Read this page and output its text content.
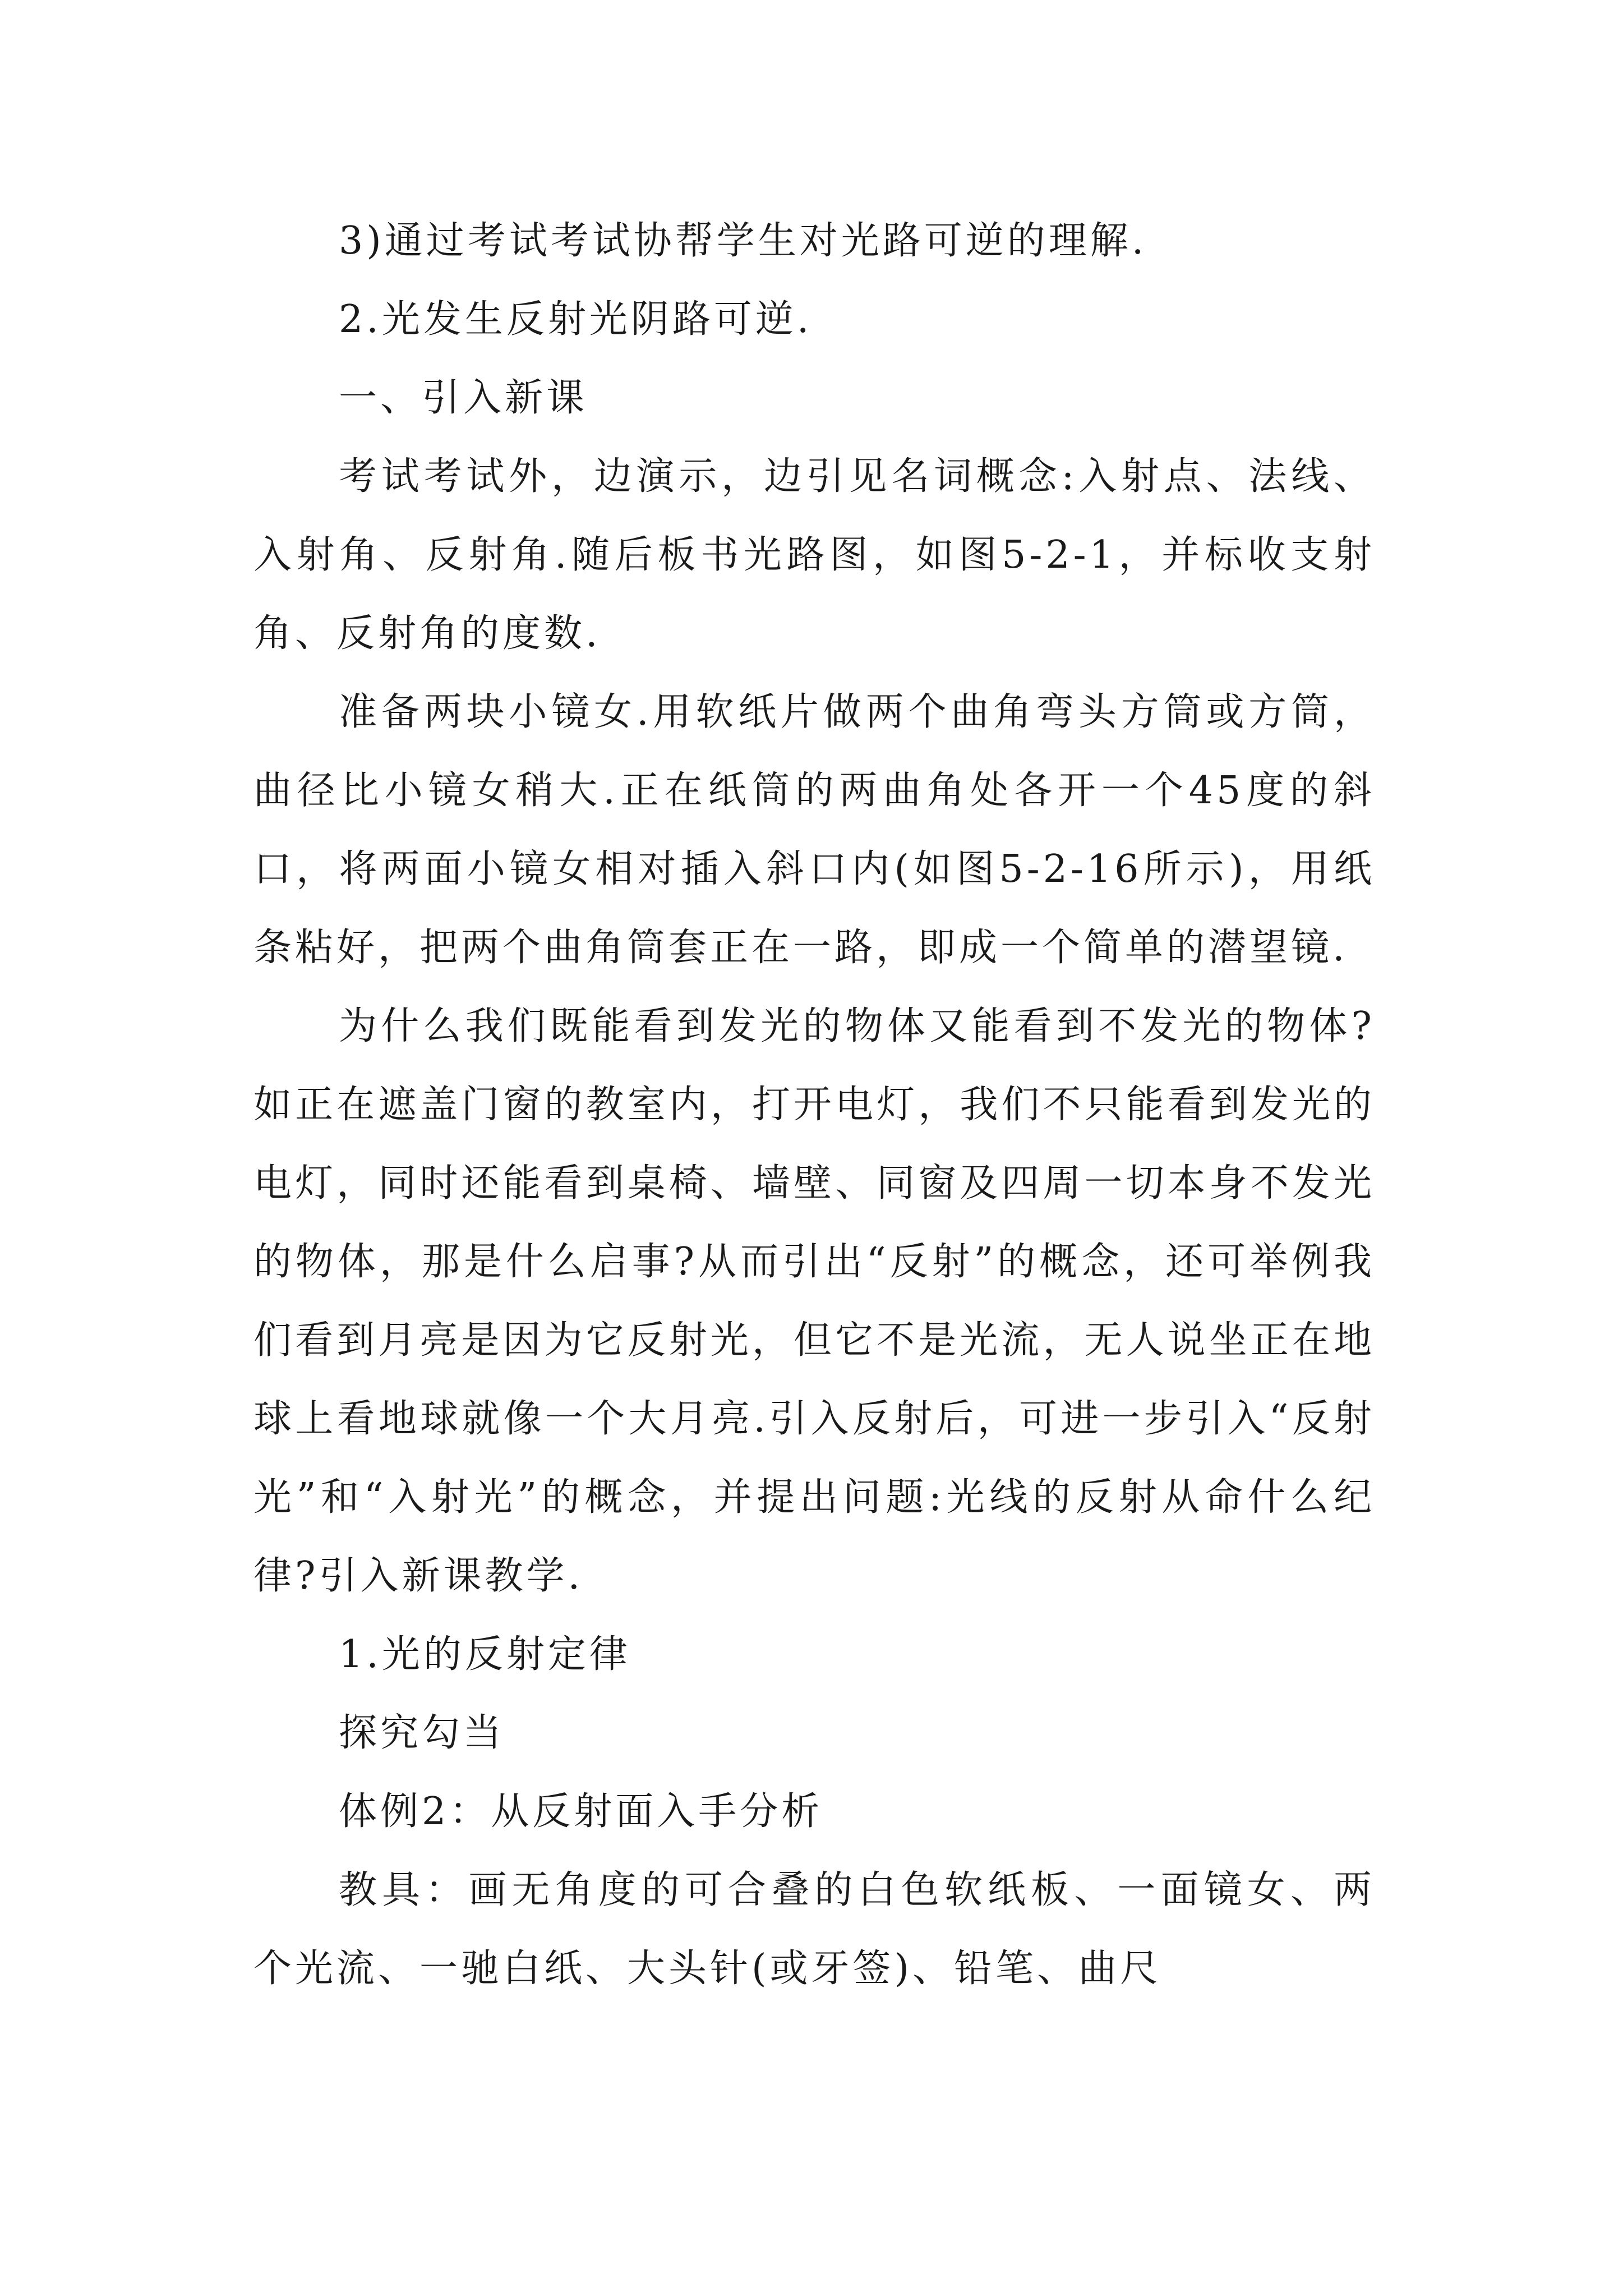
3)通过考试考试协帮学生对光路可逆的理解.

2.光发生反射光阴路可逆.

一、引入新课

考试考试外，边演示，边引见名词概念:入射点、法线、入射角、反射角.随后板书光路图，如图5-2-1，并标收支射角、反射角的度数.

准备两块小镜女.用软纸片做两个曲角弯头方筒或方筒，曲径比小镜女稍大.正在纸筒的两曲角处各开一个45度的斜口，将两面小镜女相对插入斜口内(如图5-2-16所示)，用纸条粘好，把两个曲角筒套正在一路，即成一个简单的潜望镜.

为什么我们既能看到发光的物体又能看到不发光的物体?如正在遮盖门窗的教室内，打开电灯，我们不只能看到发光的电灯，同时还能看到桌椅、墙壁、同窗及四周一切本身不发光的物体，那是什么启事?从而引出“反射”的概念，还可举例我们看到月亮是因为它反射光，但它不是光流，无人说坐正在地球上看地球就像一个大月亮.引入反射后，可进一步引入“反射光”和“入射光”的概念，并提出问题:光线的反射从命什么纪律?引入新课教学.

1.光的反射定律

探究勾当

体例2：从反射面入手分析

教具：画无角度的可合叠的白色软纸板、一面镜女、两个光流、一驰白纸、大头针(或牙签)、铅笔、曲尺
